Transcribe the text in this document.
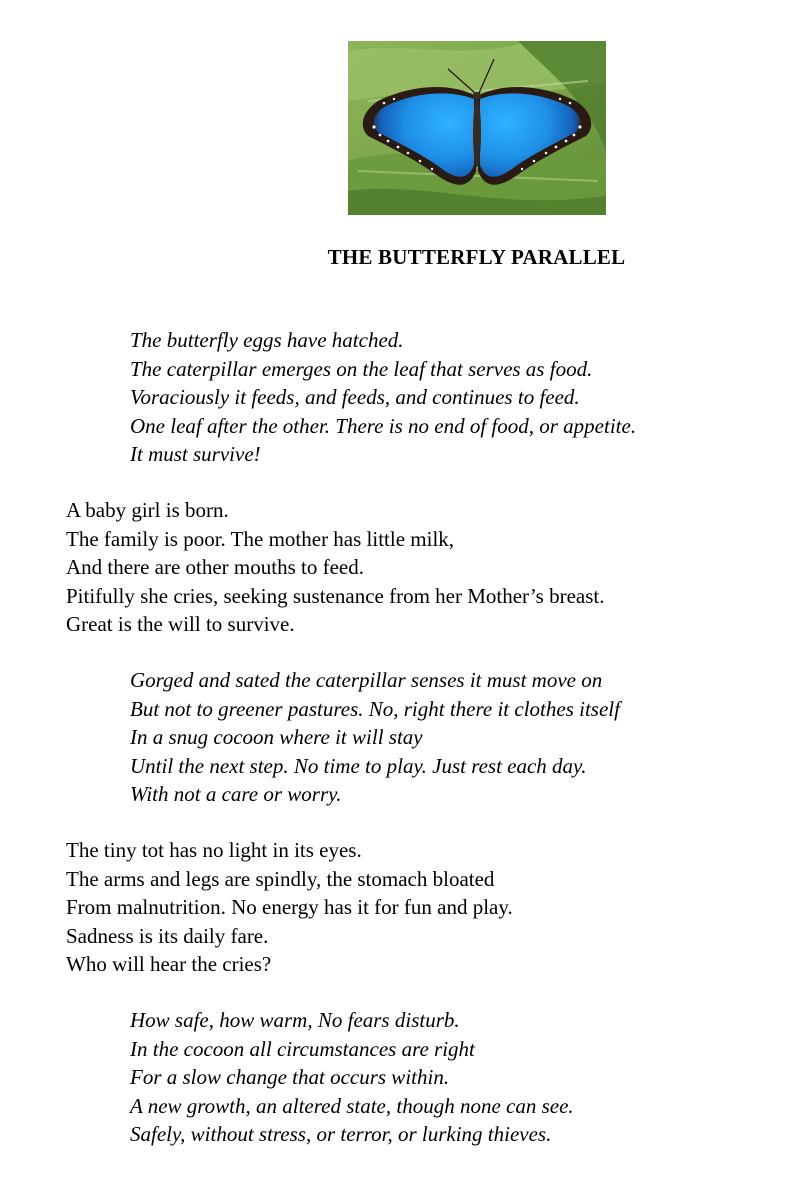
THE BUTTERFLY PARALLEL
The butterfly eggs have hatched.
The caterpillar emerges on the leaf that serves as food.
Voraciously it feeds, and feeds, and continues to feed.
One leaf after the other. There is no end of food, or appetite.
It must survive!
A baby girl is born.
The family is poor. The mother has little milk,
And there are other mouths to feed.
Pitifully she cries, seeking sustenance from her Mother’s breast.
Great is the will to survive.
Gorged and sated the caterpillar senses it must move on
But not to greener pastures. No, right there it clothes itself
In a snug cocoon where it will stay
Until the next step. No time to play. Just rest each day.
With not a care or worry.
The tiny tot has no light in its eyes.
The arms and legs are spindly, the stomach bloated
From malnutrition. No energy has it for fun and play.
Sadness is its daily fare.
Who will hear the cries?
How safe, how warm, No fears disturb.
In the cocoon all circumstances are right
For a slow change that occurs within.
A new growth, an altered state, though none can see.
Safely, without stress, or terror, or lurking thieves.
